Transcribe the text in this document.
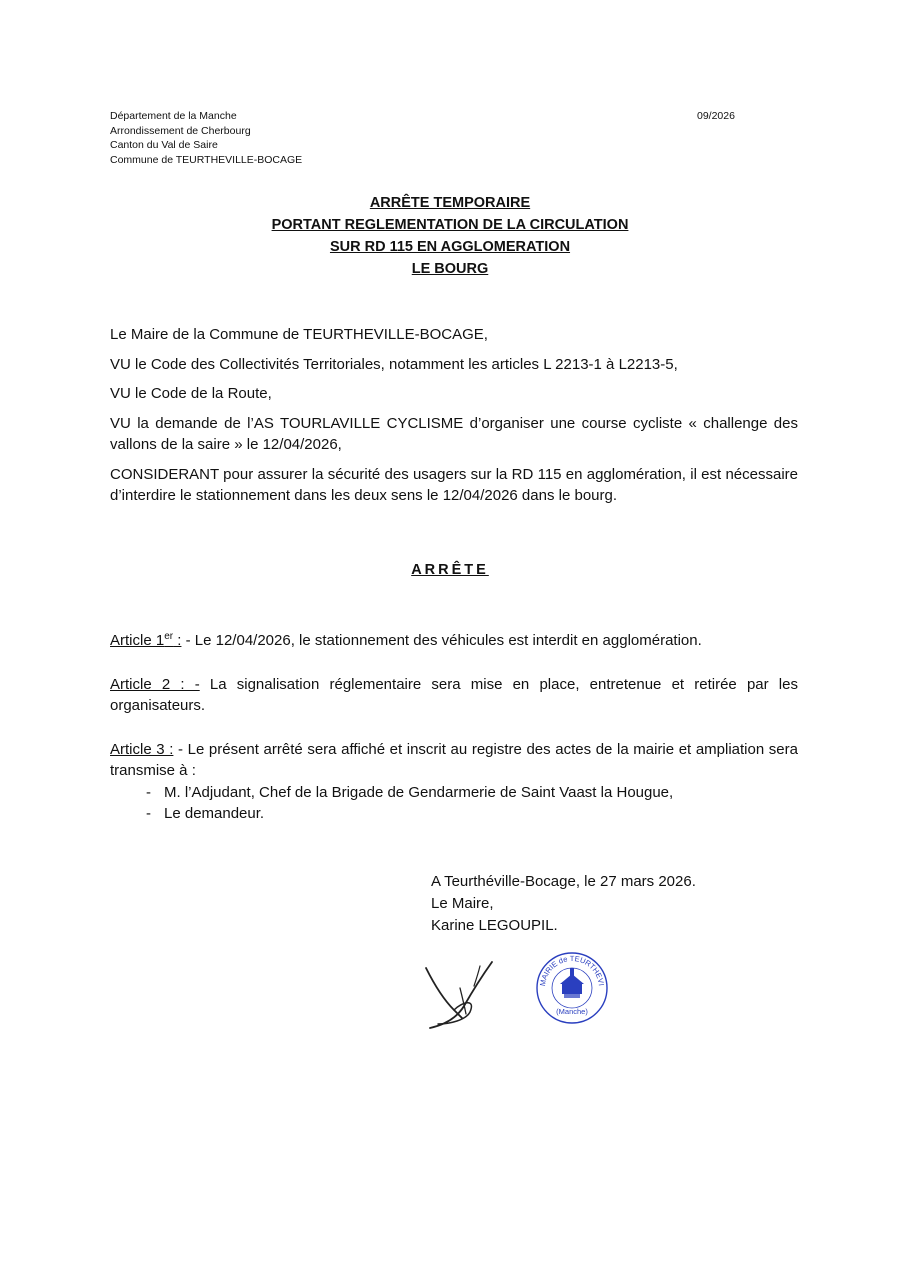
Département de la Manche
Arrondissement de Cherbourg
Canton du Val de Saire
Commune de TEURTHEVILLE-BOCAGE
09/2026
ARRÊTE TEMPORAIRE
PORTANT REGLEMENTATION DE LA CIRCULATION
SUR RD 115 EN AGGLOMERATION
LE BOURG

Le Maire de la Commune de TEURTHEVILLE-BOCAGE,

VU le Code des Collectivités Territoriales, notamment les articles L 2213-1 à L2213-5,

VU le Code de la Route,

VU la demande de l’AS TOURLAVILLE CYCLISME d’organiser une course cycliste « challenge des vallons de la saire » le 12/04/2026,

CONSIDERANT pour assurer la sécurité des usagers sur la RD 115 en agglomération, il est nécessaire d’interdire le stationnement dans les deux sens le 12/04/2026 dans le bourg.

ARRÊTE

Article 1er : - Le 12/04/2026, le stationnement des véhicules est interdit en agglomération.

Article 2 : - La signalisation réglementaire sera mise en place, entretenue et retirée par les organisateurs.

Article 3 : - Le présent arrêté sera affiché et inscrit au registre des actes de la mairie et ampliation sera transmise à :

- M. l’Adjudant, Chef de la Brigade de Gendarmerie de Saint Vaast la Hougue,
- Le demandeur.
A Teurthéville-Bocage, le 27 mars 2026.
Le Maire,
Karine LEGOUPIL.
MAIRIE de TEURTHEVI
(Manche)
